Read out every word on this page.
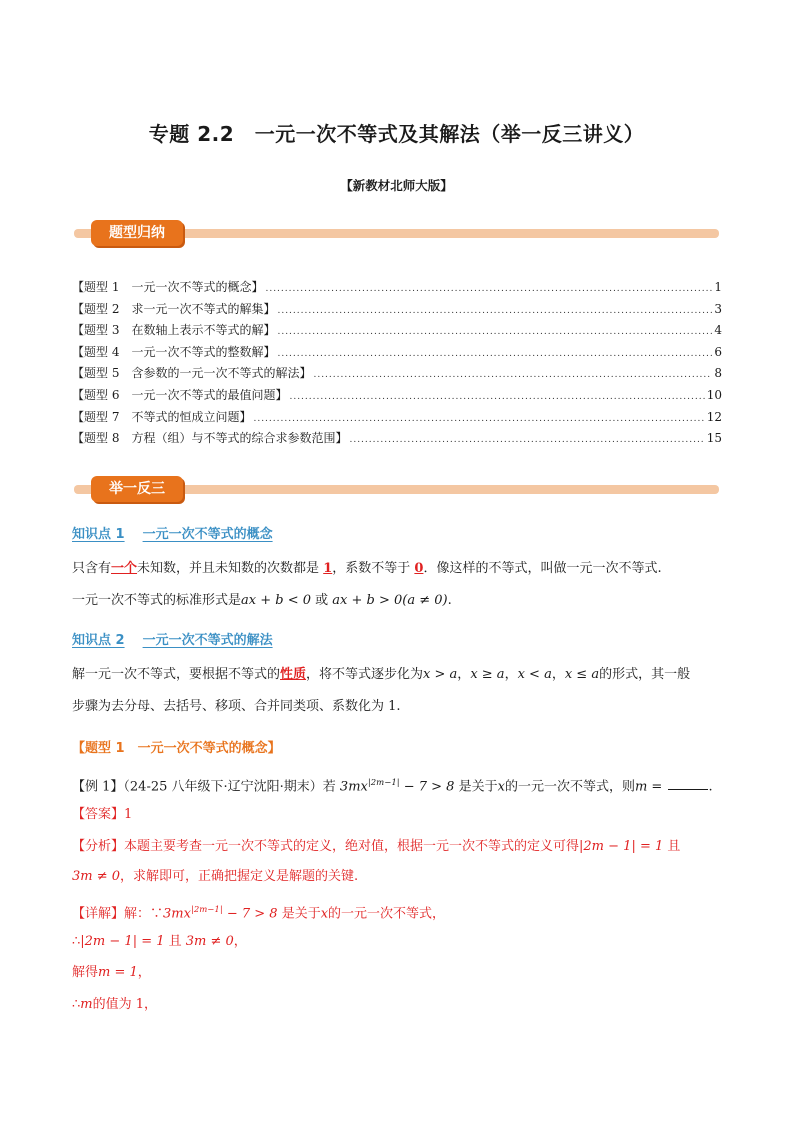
专题 2.2　一元一次不等式及其解法（举一反三讲义）
【新教材北师大版】
题型归纳
【题型 1 一元一次不等式的概念】 .....	1
【题型 2 求一元一次不等式的解集】 .....	3
【题型 3 在数轴上表示不等式的解】 .....	4
【题型 4 一元一次不等式的整数解】 .....	6
【题型 5 含参数的一元一次不等式的解法】 .....	8
【题型 6 一元一次不等式的最值问题】 .....	10
【题型 7 不等式的恒成立问题】 .....	12
【题型 8 方程（组）与不等式的综合求参数范围】 .....	15
举一反三
知识点 1 一元一次不等式的概念
只含有一个未知数，并且未知数的次数都是 1，系数不等于 0．像这样的不等式，叫做一元一次不等式.
一元一次不等式的标准形式是ax + b < 0 或 ax + b > 0(a ≠ 0).
知识点 2 一元一次不等式的解法
解一元一次不等式，要根据不等式的性质，将不等式逐步化为x > a，x ≥ a，x < a，x ≤ a的形式，其一般
步骤为去分母、去括号、移项、合并同类项、系数化为 1.
【题型 1　一元一次不等式的概念】
【例 1】（24-25 八年级下·辽宁沈阳·期末）若 $3mx^{|2m-1|} - 7 > 8$ 是关于x的一元一次不等式，则m =	.
【答案】1
【分析】本题主要考查一元一次不等式的定义，绝对值，根据一元一次不等式的定义可得|2m − 1| = 1 且
3m ≠ 0，求解即可，正确把握定义是解题的关键.
【详解】解：$\because 3mx^{|2m-1|} - 7 > 8$ 是关于x的一元一次不等式，
∴|2m − 1| = 1 且 3m ≠ 0，
解得m = 1，
∴m的值为 1，
